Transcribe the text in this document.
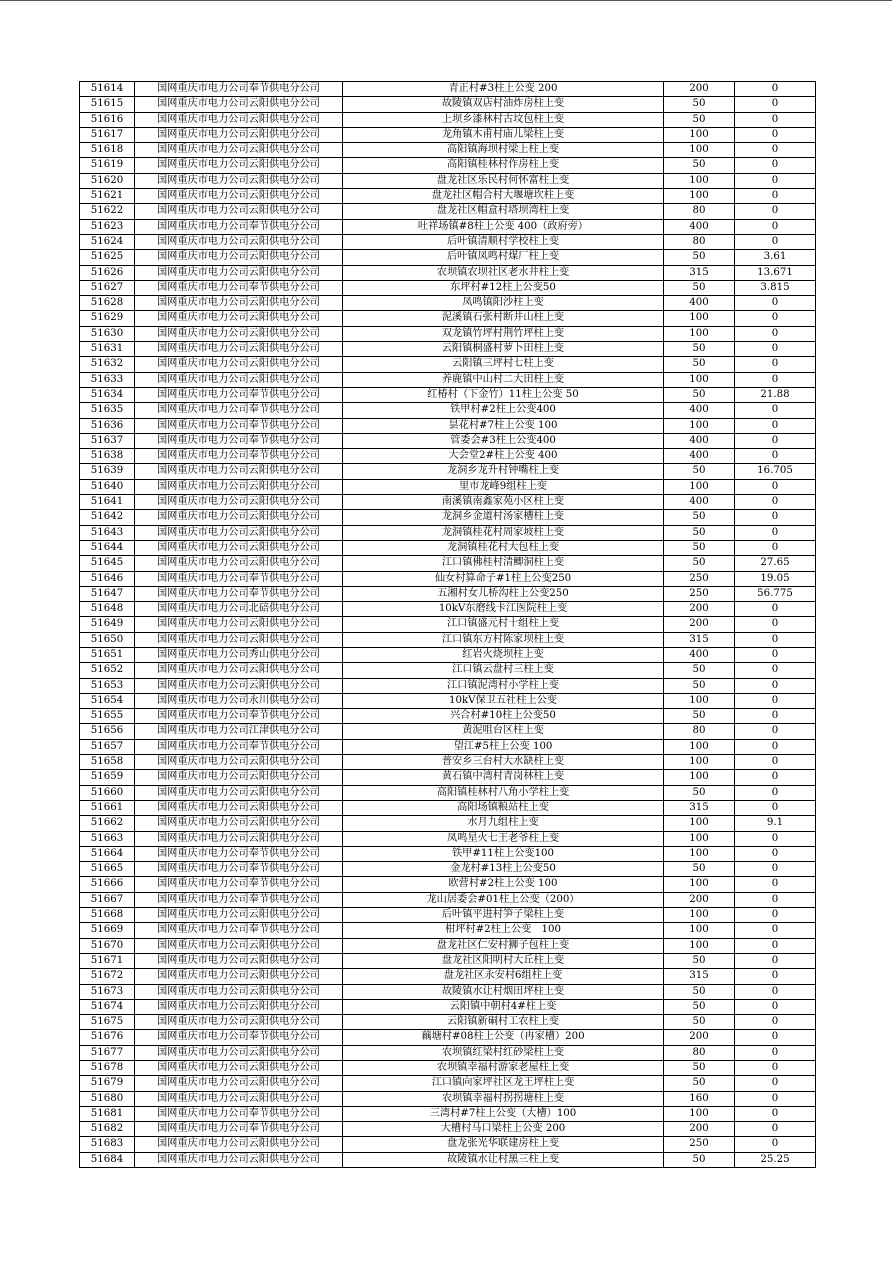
51614	国网重庆市电力公司奉节供电分公司	青正村#3柱上公变 200	200	0
51615	国网重庆市电力公司云阳供电分公司	故陵镇双店村油炸房柱上变	50	0
51616	国网重庆市电力公司云阳供电分公司	上坝乡漆林村古坟包柱上变	50	0
51617	国网重庆市电力公司云阳供电分公司	龙角镇木甫村庙儿梁柱上变	100	0
51618	国网重庆市电力公司云阳供电分公司	高阳镇海坝村梁上柱上变	100	0
51619	国网重庆市电力公司云阳供电分公司	高阳镇桂林村作房柱上变	50	0
51620	国网重庆市电力公司云阳供电分公司	盘龙社区乐民村何怀富柱上变	100	0
51621	国网重庆市电力公司云阳供电分公司	盘龙社区帽合村大堰塘坎柱上变	100	0
51622	国网重庆市电力公司云阳供电分公司	盘龙社区帽盒村塔坝湾柱上变	80	0
51623	国网重庆市电力公司奉节供电分公司	吐祥场镇#8柱上公变 400（政府旁）	400	0
51624	国网重庆市电力公司云阳供电分公司	后叶镇清顺村学校柱上变	80	0
51625	国网重庆市电力公司云阳供电分公司	后叶镇凤鸣村煤厂柱上变	50	3.61
51626	国网重庆市电力公司云阳供电分公司	农坝镇农坝社区老水井柱上变	315	13.671
51627	国网重庆市电力公司奉节供电分公司	东坪村#12柱上公变50	50	3.815
51628	国网重庆市电力公司云阳供电分公司	凤鸣镇阳沙柱上变	400	0
51629	国网重庆市电力公司云阳供电分公司	泥溪镇石张村断井山柱上变	100	0
51630	国网重庆市电力公司云阳供电分公司	双龙镇竹坪村荆竹坪柱上变	100	0
51631	国网重庆市电力公司云阳供电分公司	云阳镇桐盛村萝卜田柱上变	50	0
51632	国网重庆市电力公司云阳供电分公司	云阳镇三坪村七柱上变	50	0
51633	国网重庆市电力公司云阳供电分公司	养鹿镇中山村二大田柱上变	100	0
51634	国网重庆市电力公司奉节供电分公司	红椿村（下金竹）11柱上公变 50	50	21.88
51635	国网重庆市电力公司奉节供电分公司	铁甲村#2柱上公变400	400	0
51636	国网重庆市电力公司奉节供电分公司	昙花村#7柱上公变 100	100	0
51637	国网重庆市电力公司奉节供电分公司	管委会#3柱上公变400	400	0
51638	国网重庆市电力公司奉节供电分公司	大会堂2#柱上公变 400	400	0
51639	国网重庆市电力公司云阳供电分公司	龙洞乡龙升村钟嘴柱上变	50	16.705
51640	国网重庆市电力公司云阳供电分公司	里市龙峰9组柱上变	100	0
51641	国网重庆市电力公司云阳供电分公司	南溪镇南鑫家苑小区柱上变	400	0
51642	国网重庆市电力公司云阳供电分公司	龙洞乡金道村汤家槽柱上变	50	0
51643	国网重庆市电力公司云阳供电分公司	龙洞镇桂花村周家坡柱上变	50	0
51644	国网重庆市电力公司云阳供电分公司	龙洞镇桂花村大包柱上变	50	0
51645	国网重庆市电力公司云阳供电分公司	江口镇佛桂村清鲫洞柱上变	50	27.65
51646	国网重庆市电力公司奉节供电分公司	仙女村算命子#1柱上公变250	250	19.05
51647	国网重庆市电力公司奉节供电分公司	五湘村女儿桥沟柱上公变250	250	56.775
51648	国网重庆市电力公司北碚供电分公司	10kV东磨线卡江医院柱上变	200	0
51649	国网重庆市电力公司云阳供电分公司	江口镇盛元村十组柱上变	200	0
51650	国网重庆市电力公司云阳供电分公司	江口镇东方村陈家坝柱上变	315	0
51651	国网重庆市电力公司秀山供电分公司	红岩火烧坝柱上变	400	0
51652	国网重庆市电力公司云阳供电分公司	江口镇云盘村三柱上变	50	0
51653	国网重庆市电力公司云阳供电分公司	江口镇泥湾村小学柱上变	50	0
51654	国网重庆市电力公司永川供电分公司	10kV保卫五社柱上公变	100	0
51655	国网重庆市电力公司奉节供电分公司	兴合村#10柱上公变50	50	0
51656	国网重庆市电力公司江津供电分公司	黄泥咀台区柱上变	80	0
51657	国网重庆市电力公司奉节供电分公司	望江#5柱上公变 100	100	0
51658	国网重庆市电力公司云阳供电分公司	普安乡三台村大水缺柱上变	100	0
51659	国网重庆市电力公司云阳供电分公司	黄石镇中湾村青岗林柱上变	100	0
51660	国网重庆市电力公司云阳供电分公司	高阳镇桂林村八角小学柱上变	50	0
51661	国网重庆市电力公司云阳供电分公司	高阳场镇粮站柱上变	315	0
51662	国网重庆市电力公司云阳供电分公司	水月九组柱上变	100	9.1
51663	国网重庆市电力公司云阳供电分公司	凤鸣星火七王老爷柱上变	100	0
51664	国网重庆市电力公司奉节供电分公司	铁甲#11柱上公变100	100	0
51665	国网重庆市电力公司奉节供电分公司	金龙村#13柱上公变50	50	0
51666	国网重庆市电力公司奉节供电分公司	欧营村#2柱上公变 100	100	0
51667	国网重庆市电力公司奉节供电分公司	龙山居委会#01柱上公变（200）	200	0
51668	国网重庆市电力公司云阳供电分公司	后叶镇平进村笋子梁柱上变	100	0
51669	国网重庆市电力公司奉节供电分公司	柑坪村#2柱上公变　100	100	0
51670	国网重庆市电力公司云阳供电分公司	盘龙社区仁安村狮子包柱上变	100	0
51671	国网重庆市电力公司云阳供电分公司	盘龙社区阳明村大丘柱上变	50	0
51672	国网重庆市电力公司云阳供电分公司	盘龙社区永安村6组柱上变	315	0
51673	国网重庆市电力公司云阳供电分公司	故陵镇水让村烟田坪柱上变	50	0
51674	国网重庆市电力公司云阳供电分公司	云阳镇中朝村4#柱上变	50	0
51675	国网重庆市电力公司云阳供电分公司	云阳镇新硐村工农柱上变	50	0
51676	国网重庆市电力公司奉节供电分公司	藕塘村#08柱上公变（冉家槽）200	200	0
51677	国网重庆市电力公司云阳供电分公司	农坝镇红梁村红砂梁柱上变	80	0
51678	国网重庆市电力公司云阳供电分公司	农坝镇幸福村游家老屋柱上变	50	0
51679	国网重庆市电力公司云阳供电分公司	江口镇向家坪社区龙王坪柱上变	50	0
51680	国网重庆市电力公司云阳供电分公司	农坝镇幸福村拐拐塘柱上变	160	0
51681	国网重庆市电力公司奉节供电分公司	三湾村#7柱上公变（大槽）100	100	0
51682	国网重庆市电力公司奉节供电分公司	大槽村马口梁柱上公变 200	200	0
51683	国网重庆市电力公司云阳供电分公司	盘龙张光华联建房柱上变	250	0
51684	国网重庆市电力公司云阳供电分公司	故陵镇水让村黑三柱上变	50	25.25
